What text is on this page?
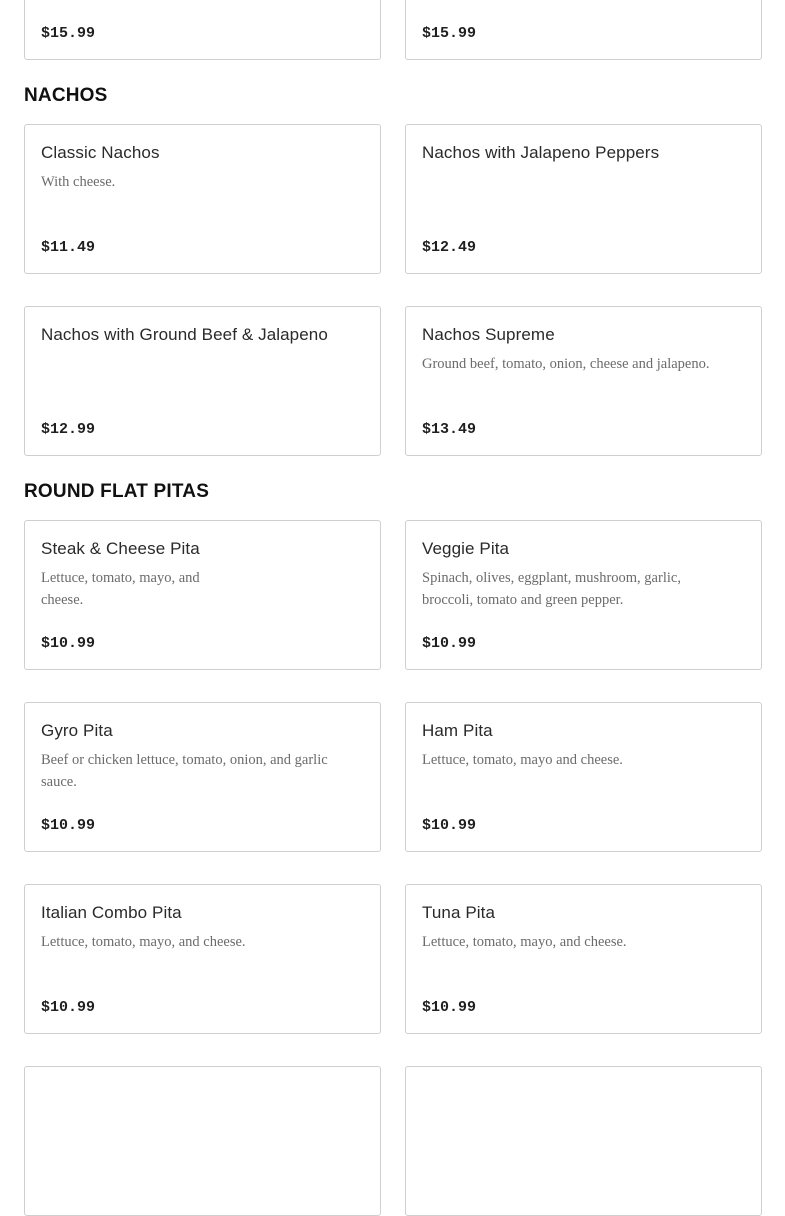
$15.99	$15.99
NACHOS
Classic Nachos
With cheese.
$11.49
Nachos with Jalapeno Peppers
$12.49
Nachos with Ground Beef & Jalapeno
$12.99
Nachos Supreme
Ground beef, tomato, onion, cheese and jalapeno.
$13.49
ROUND FLAT PITAS
Steak & Cheese Pita
Lettuce, tomato, mayo, and cheese.
$10.99
Veggie Pita
Spinach, olives, eggplant, mushroom, garlic, broccoli, tomato and green pepper.
$10.99
Gyro Pita
Beef or chicken lettuce, tomato, onion, and garlic sauce.
$10.99
Ham Pita
Lettuce, tomato, mayo and cheese.
$10.99
Italian Combo Pita
Lettuce, tomato, mayo, and cheese.
$10.99
Tuna Pita
Lettuce, tomato, mayo, and cheese.
$10.99
